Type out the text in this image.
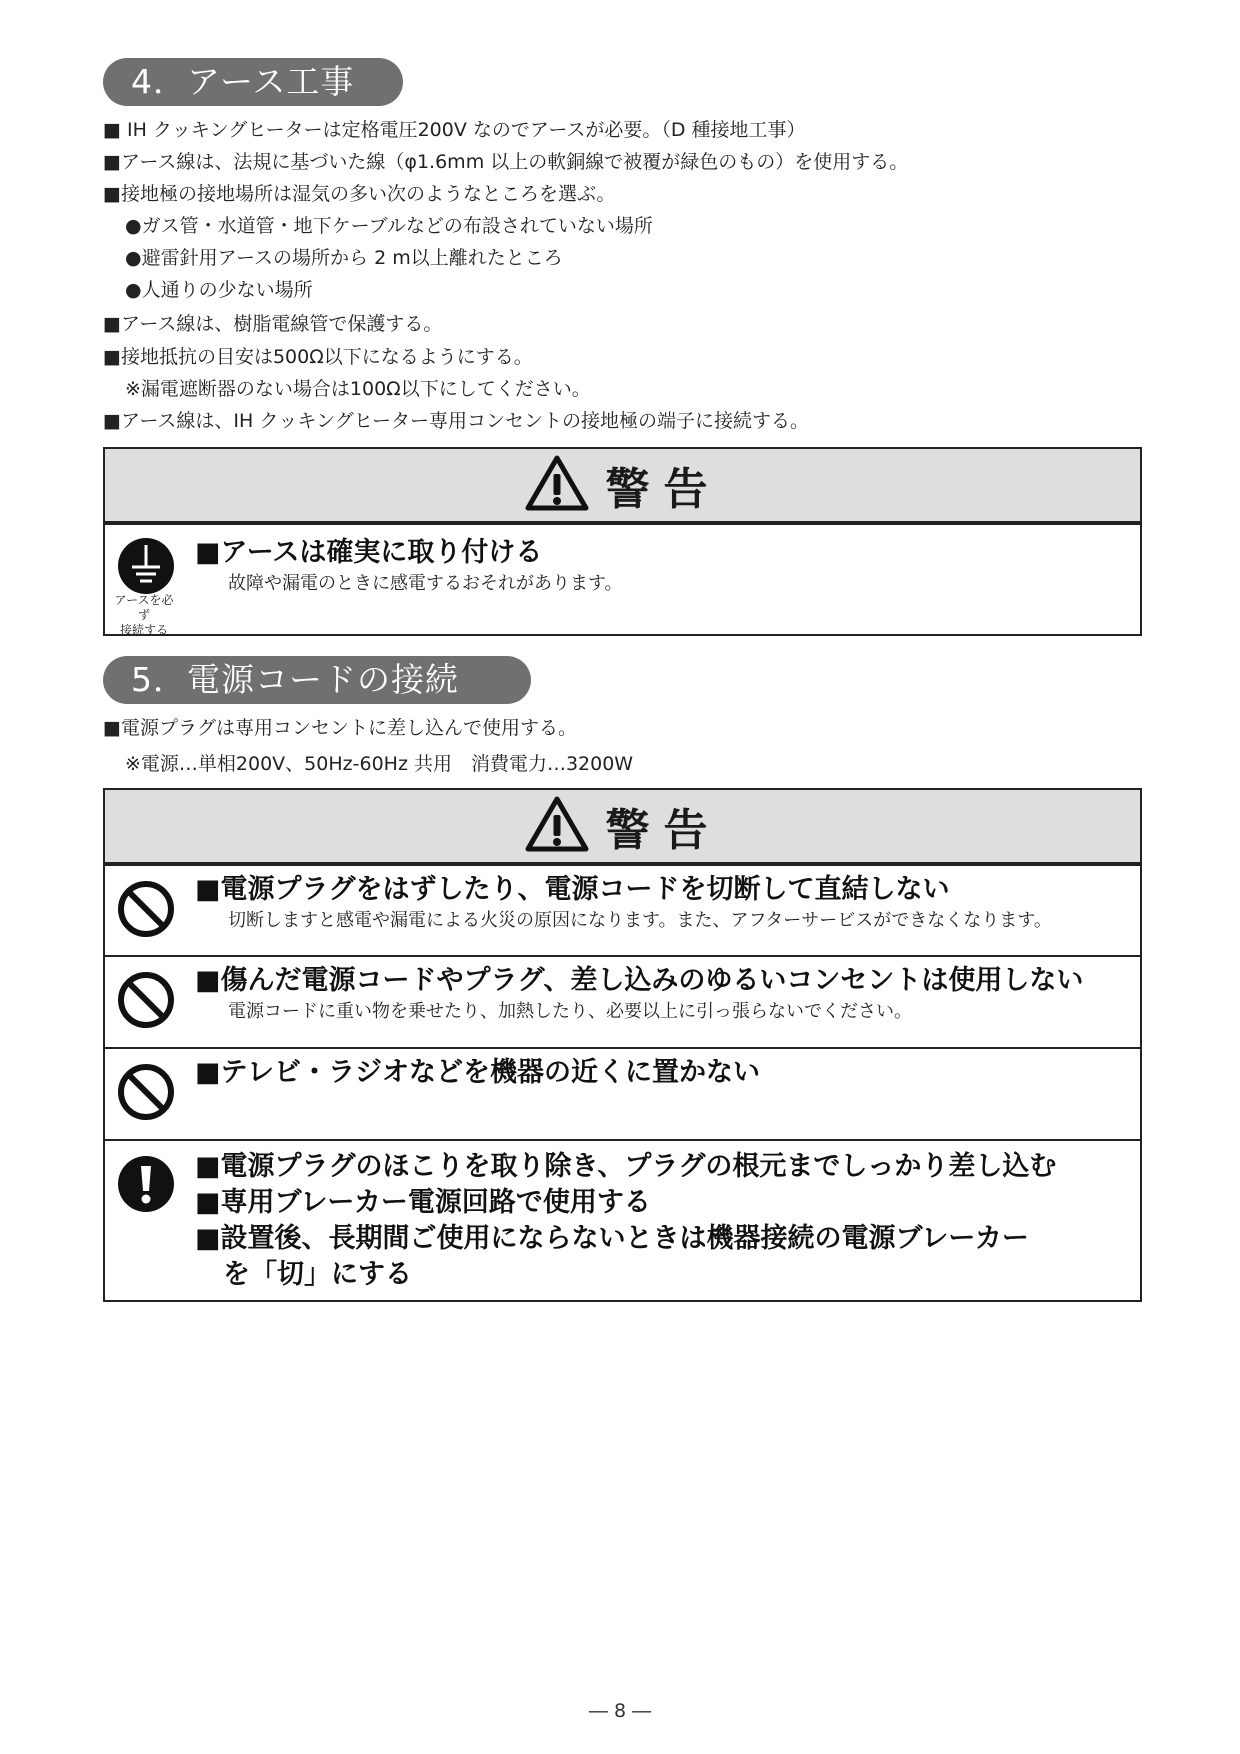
4．アース工事
■ IH クッキングヒーターは定格電圧200V なのでアースが必要。（D 種接地工事）
■アース線は、法規に基づいた線（φ1.6mm 以上の軟銅線で被覆が緑色のもの）を使用する。
■接地極の接地場所は湿気の多い次のようなところを選ぶ。
●ガス管・水道管・地下ケーブルなどの布設されていない場所
●避雷針用アースの場所から 2 m以上離れたところ
●人通りの少ない場所
■アース線は、樹脂電線管で保護する。
■接地抵抗の目安は500Ω以下になるようにする。
※漏電遮断器のない場合は100Ω以下にしてください。
■アース線は、IH クッキングヒーター専用コンセントの接地極の端子に接続する。
警告
アースを必ず
接続する
■アースは確実に取り付ける
故障や漏電のときに感電するおそれがあります。
5．電源コードの接続
■電源プラグは専用コンセントに差し込んで使用する。
※電源…単相200V、50Hz-60Hz 共用　消費電力…3200W
警告
■電源プラグをはずしたり、電源コードを切断して直結しない
切断しますと感電や漏電による火災の原因になります。また、アフターサービスができなくなります。
■傷んだ電源コードやプラグ、差し込みのゆるいコンセントは使用しない
電源コードに重い物を乗せたり、加熱したり、必要以上に引っ張らないでください。
■テレビ・ラジオなどを機器の近くに置かない
■電源プラグのほこりを取り除き、プラグの根元までしっかり差し込む
■専用ブレーカー電源回路で使用する
■設置後、長期間ご使用にならないときは機器接続の電源ブレーカー
を「切」にする
― 8 ―
